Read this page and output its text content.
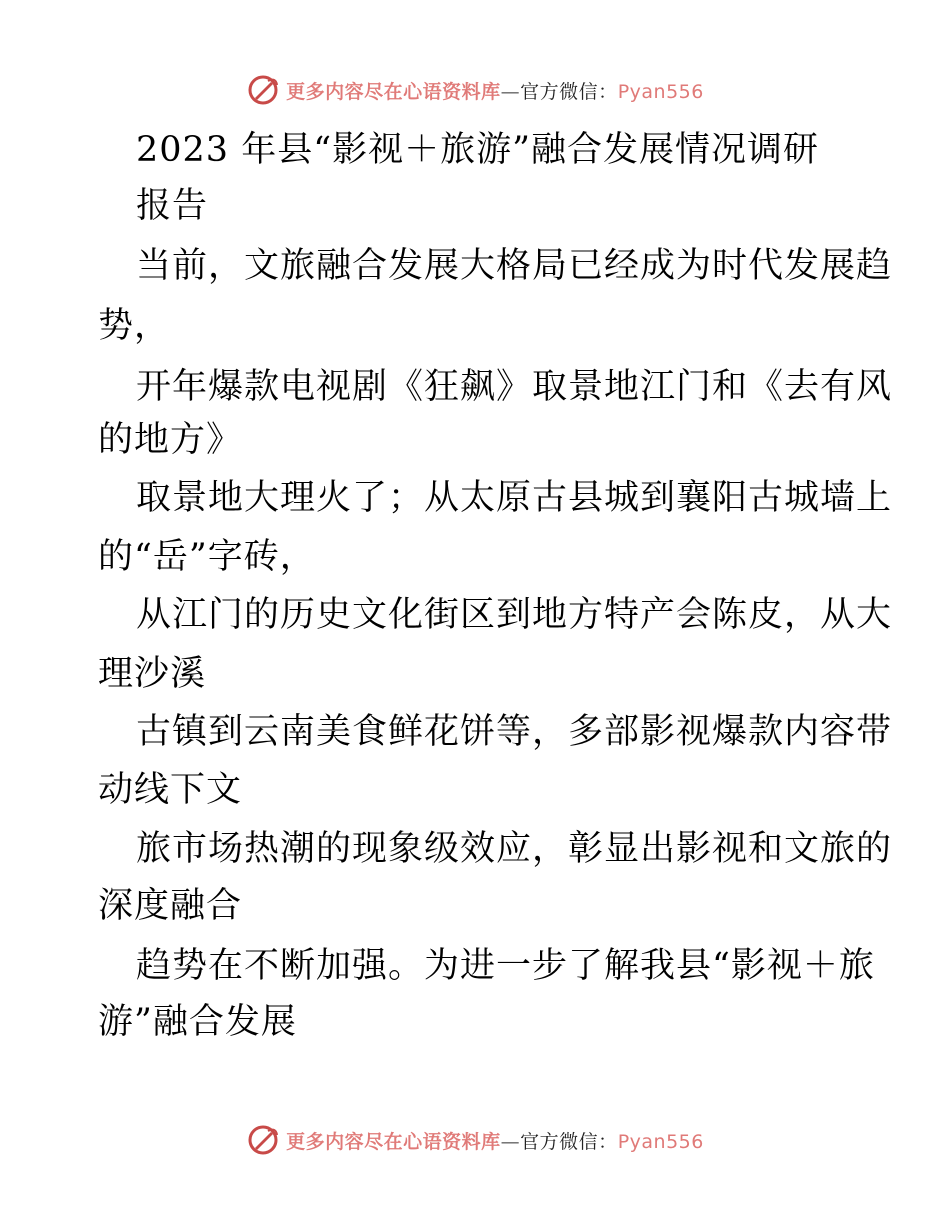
更多内容尽在心语资料库—官方微信：Pyan556
2023 年县“影视＋旅游”融合发展情况调研
报告
当前，文旅融合发展大格局已经成为时代发展趋
势，
开年爆款电视剧《狂飙》取景地江门和《去有风
的地方》
取景地大理火了；从太原古县城到襄阳古城墙上
的“岳”字砖，
从江门的历史文化街区到地方特产会陈皮，从大
理沙溪
古镇到云南美食鲜花饼等，多部影视爆款内容带
动线下文
旅市场热潮的现象级效应，彰显出影视和文旅的
深度融合
趋势在不断加强。为进一步了解我县“影视＋旅
游”融合发展
更多内容尽在心语资料库—官方微信：Pyan556
